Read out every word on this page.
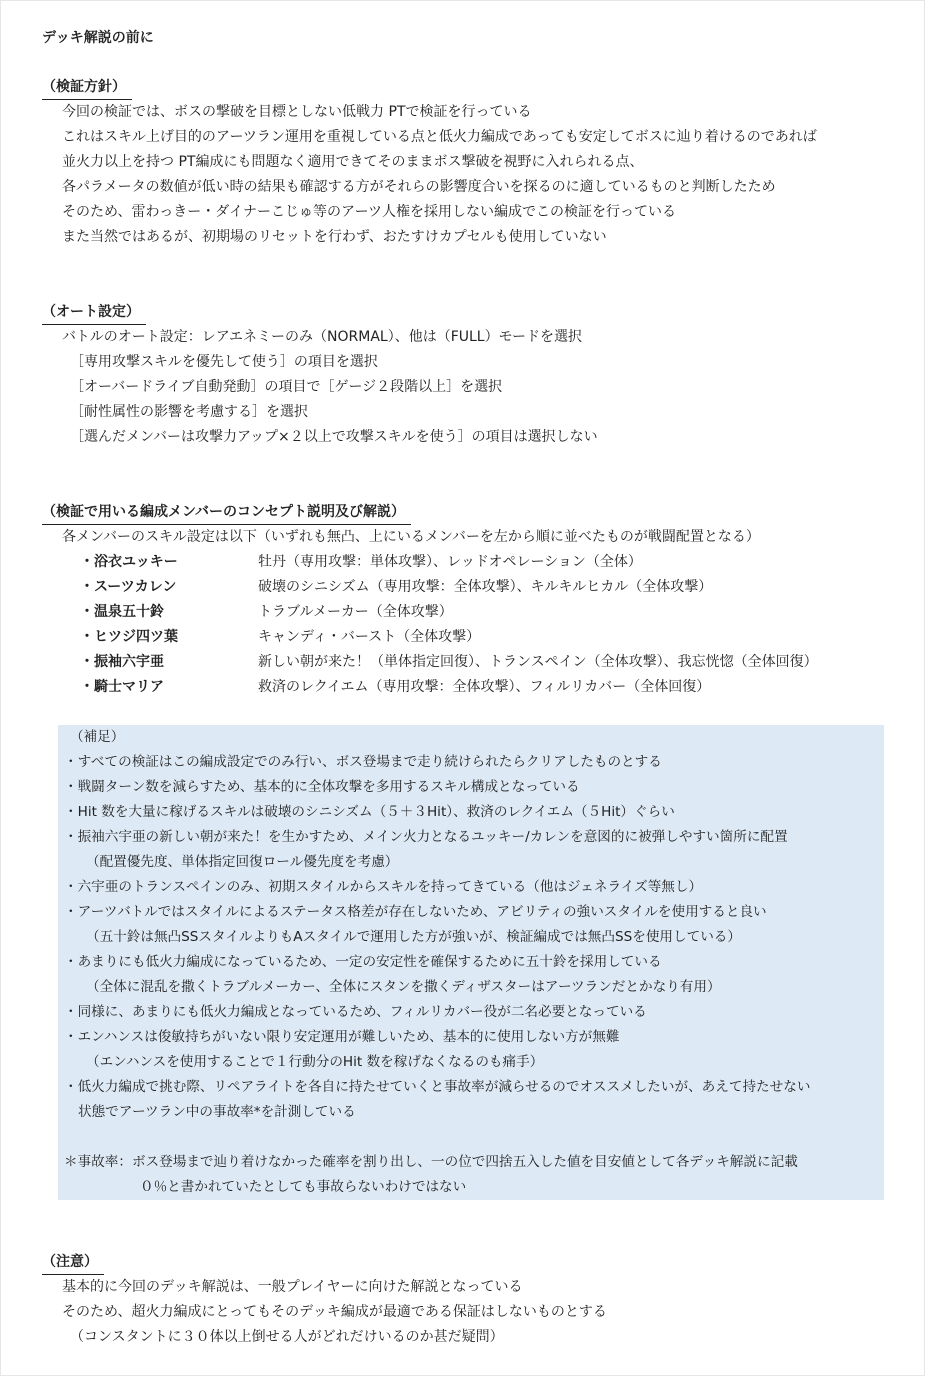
デッキ解説の前に
（検証方針）
今回の検証では、ボスの撃破を目標としない低戦力 PTで検証を行っている
これはスキル上げ目的のアーツラン運用を重視している点と低火力編成であっても安定してボスに辿り着けるのであれば
並火力以上を持つ PT編成にも問題なく適用できてそのままボス撃破を視野に入れられる点、
各パラメータの数値が低い時の結果も確認する方がそれらの影響度合いを探るのに適しているものと判断したため
そのため、雷わっきー・ダイナーこじゅ等のアーツ人権を採用しない編成でこの検証を行っている
また当然ではあるが、初期場のリセットを行わず、おたすけカプセルも使用していない
（オート設定）
バトルのオート設定：レアエネミーのみ（NORMAL）、他は（FULL）モードを選択
［専用攻撃スキルを優先して使う］の項目を選択
［オーバードライブ自動発動］の項目で［ゲージ２段階以上］を選択
［耐性属性の影響を考慮する］を選択
［選んだメンバーは攻撃力アップ×２以上で攻撃スキルを使う］の項目は選択しない
（検証で用いる編成メンバーのコンセプト説明及び解説）
各メンバーのスキル設定は以下（いずれも無凸、上にいるメンバーを左から順に並べたものが戦闘配置となる）
・浴衣ユッキー	牡丹（専用攻撃：単体攻撃）、レッドオペレーション（全体）
・スーツカレン	破壊のシニシズム（専用攻撃：全体攻撃）、キルキルヒカル（全体攻撃）
・温泉五十鈴	トラブルメーカー（全体攻撃）
・ヒツジ四ツ葉	キャンディ・バースト（全体攻撃）
・振袖六宇亜	新しい朝が来た！（単体指定回復）、トランスペイン（全体攻撃）、我忘恍惚（全体回復）
・騎士マリア	救済のレクイエム（専用攻撃：全体攻撃）、フィルリカバー（全体回復）
（補足）
・すべての検証はこの編成設定でのみ行い、ボス登場まで走り続けられたらクリアしたものとする
・戦闘ターン数を減らすため、基本的に全体攻撃を多用するスキル構成となっている
・Hit 数を大量に稼げるスキルは破壊のシニシズム（５＋３Hit）、救済のレクイエム（５Hit）ぐらい
・振袖六宇亜の新しい朝が来た！を生かすため、メイン火力となるユッキー/カレンを意図的に被弾しやすい箇所に配置
（配置優先度、単体指定回復ロール優先度を考慮）
・六宇亜のトランスペインのみ、初期スタイルからスキルを持ってきている（他はジェネライズ等無し）
・アーツバトルではスタイルによるステータス格差が存在しないため、アビリティの強いスタイルを使用すると良い
（五十鈴は無凸SSスタイルよりもAスタイルで運用した方が強いが、検証編成では無凸SSを使用している）
・あまりにも低火力編成になっているため、一定の安定性を確保するために五十鈴を採用している
（全体に混乱を撒くトラブルメーカー、全体にスタンを撒くディザスターはアーツランだとかなり有用）
・同様に、あまりにも低火力編成となっているため、フィルリカバー役が二名必要となっている
・エンハンスは俊敏持ちがいない限り安定運用が難しいため、基本的に使用しない方が無難
（エンハンスを使用することで１行動分のHit 数を稼げなくなるのも痛手）
・低火力編成で挑む際、リペアライトを各自に持たせていくと事故率が減らせるのでオススメしたいが、あえて持たせない
状態でアーツラン中の事故率*を計測している
＊事故率：ボス登場まで辿り着けなかった確率を割り出し、一の位で四捨五入した値を目安値として各デッキ解説に記載
０％と書かれていたとしても事故らないわけではない
（注意）
基本的に今回のデッキ解説は、一般プレイヤーに向けた解説となっている
そのため、超火力編成にとってもそのデッキ編成が最適である保証はしないものとする
（コンスタントに３０体以上倒せる人がどれだけいるのか甚だ疑問）
